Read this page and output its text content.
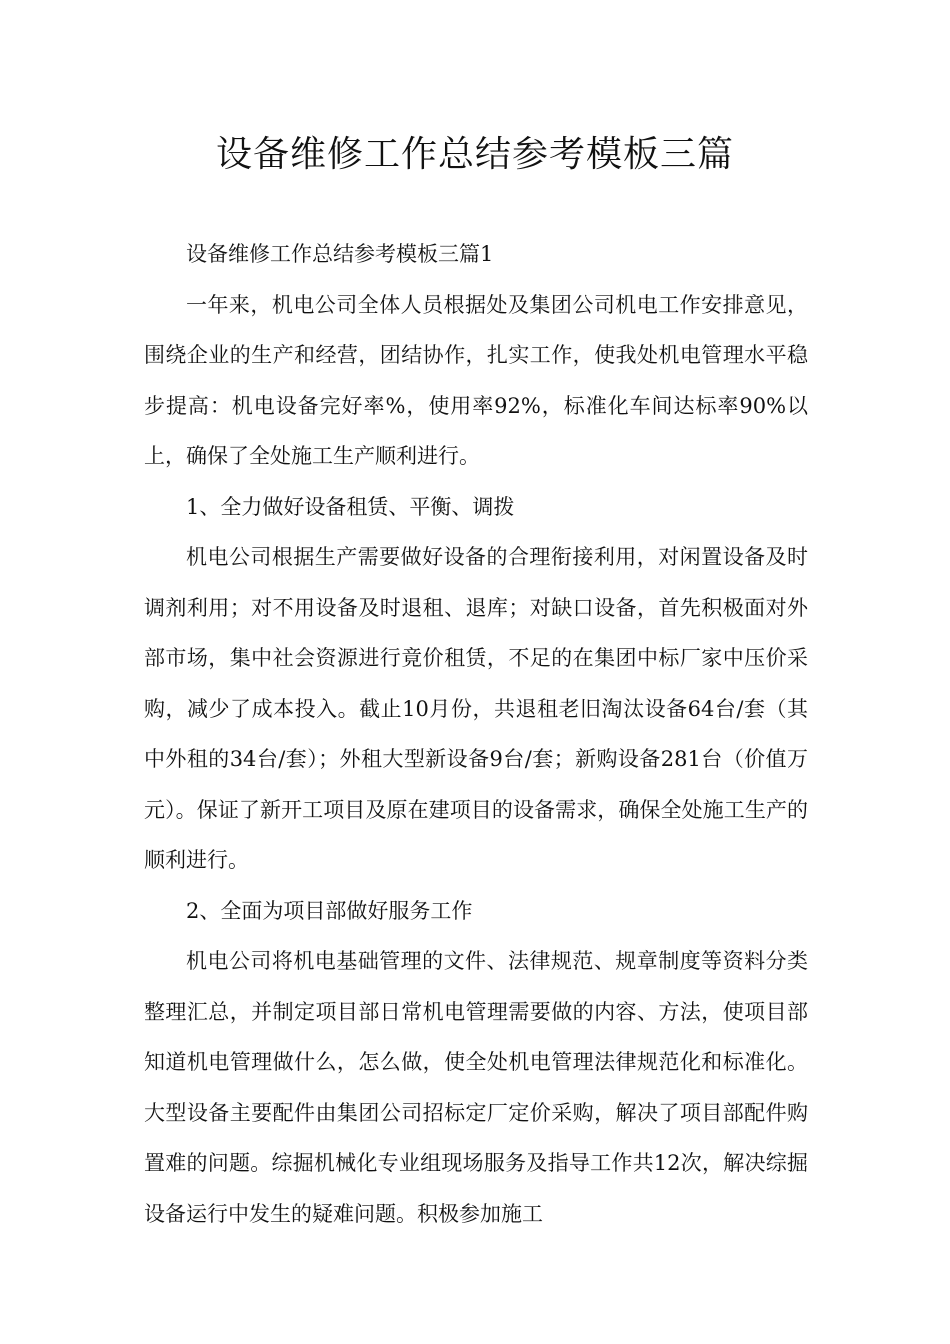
设备维修工作总结参考模板三篇

设备维修工作总结参考模板三篇1

一年来，机电公司全体人员根据处及集团公司机电工作安排意见，围绕企业的生产和经营，团结协作，扎实工作，使我处机电管理水平稳步提高：机电设备完好率%，使用率92%，标准化车间达标率90%以上，确保了全处施工生产顺利进行。

1、全力做好设备租赁、平衡、调拨

机电公司根据生产需要做好设备的合理衔接利用，对闲置设备及时调剂利用；对不用设备及时退租、退库；对缺口设备，首先积极面对外部市场，集中社会资源进行竟价租赁，不足的在集团中标厂家中压价采购，减少了成本投入。截止10月份，共退租老旧淘汰设备64台/套（其中外租的34台/套）；外租大型新设备9台/套；新购设备281台（价值万元）。保证了新开工项目及原在建项目的设备需求，确保全处施工生产的顺利进行。

2、全面为项目部做好服务工作

机电公司将机电基础管理的文件、法律规范、规章制度等资料分类整理汇总，并制定项目部日常机电管理需要做的内容、方法，使项目部知道机电管理做什么，怎么做，使全处机电管理法律规范化和标准化。大型设备主要配件由集团公司招标定厂定价采购，解决了项目部配件购置难的问题。综掘机械化专业组现场服务及指导工作共12次，解决综掘设备运行中发生的疑难问题。积极参加施工
